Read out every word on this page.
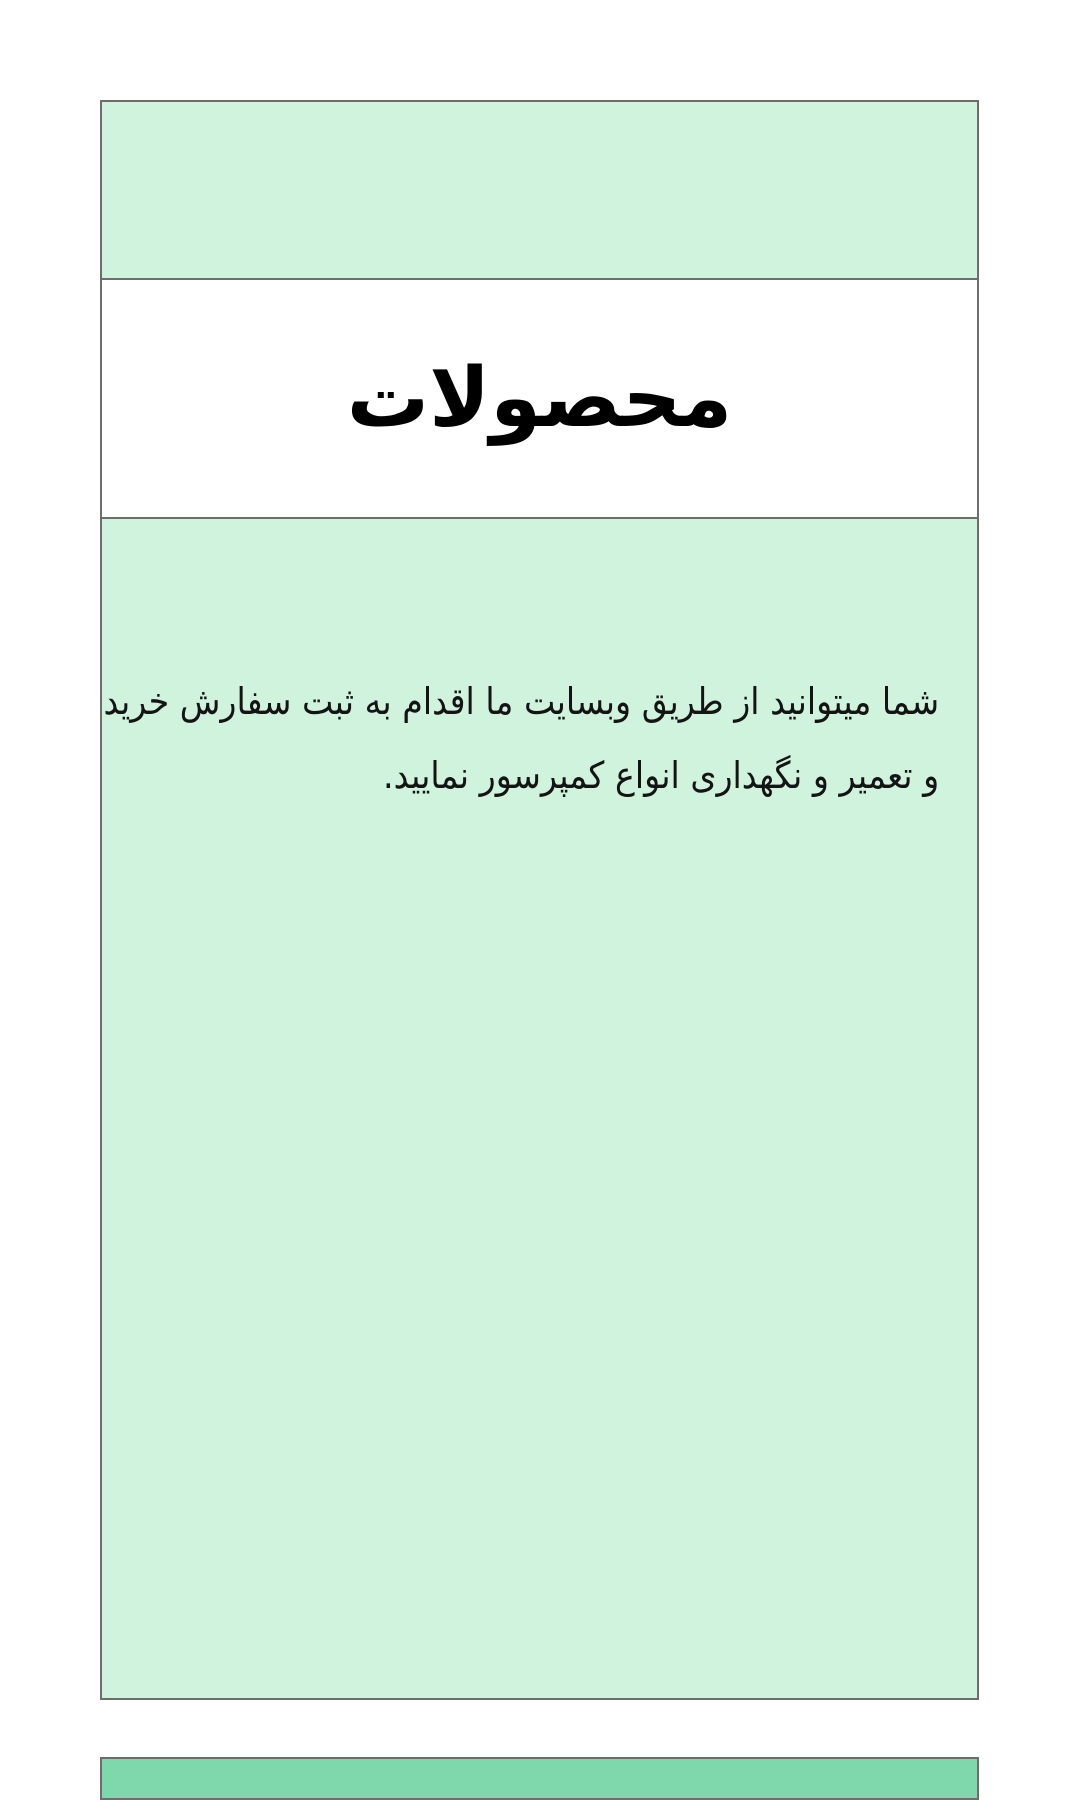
محصولات

شما میتوانید از طریق وبسایت ما اقدام به ثبت سفارش خرید
و تعمیر و نگهداری انواع کمپرسور نمایید.
